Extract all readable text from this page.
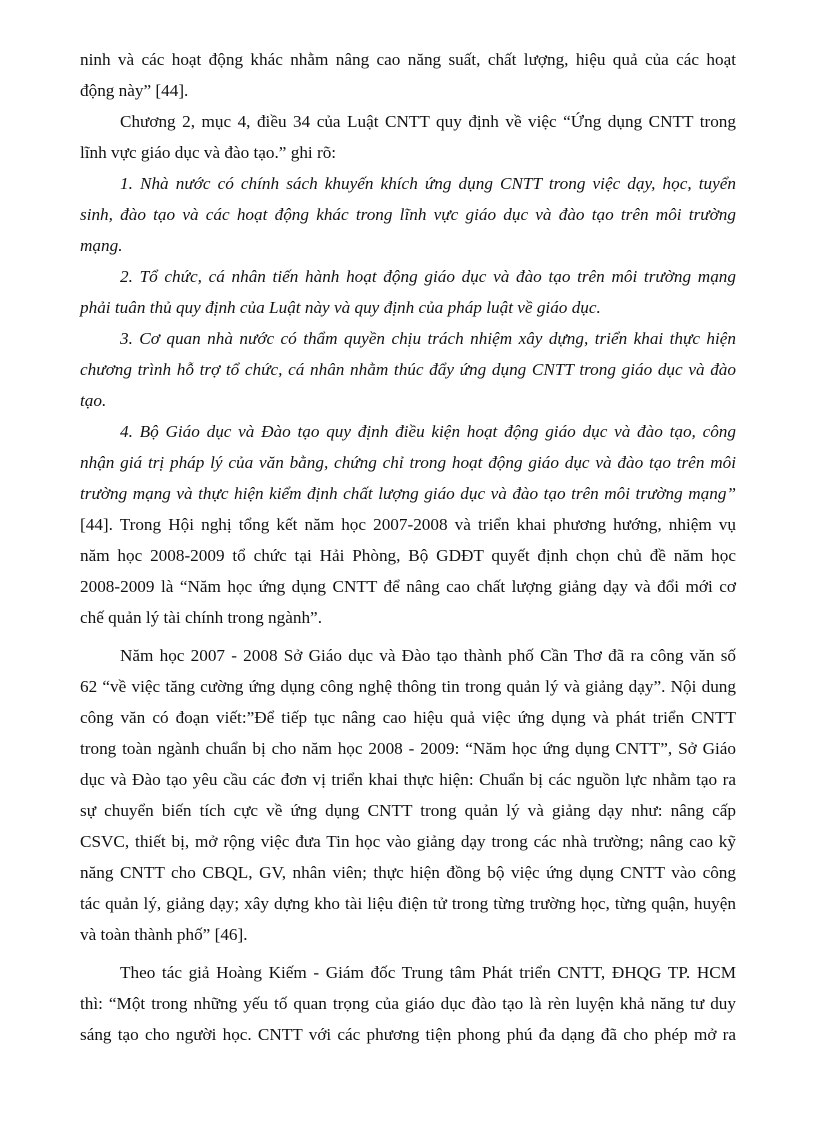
ninh và các hoạt động khác nhằm nâng cao năng suất, chất lượng, hiệu quả của các hoạt
động này” [44].
Chương 2, mục 4, điều 34 của Luật CNTT quy định về việc “Ứng dụng CNTT trong
lĩnh vực giáo dục và đào tạo.” ghi rõ:
1. Nhà nước có chính sách khuyến khích ứng dụng CNTT trong việc dạy, học, tuyển
sinh, đào tạo và các hoạt động khác trong lĩnh vực giáo dục và đào tạo trên môi trường
mạng.
2. Tổ chức, cá nhân tiến hành hoạt động giáo dục và đào tạo trên môi trường mạng
phải tuân thủ quy định của Luật này và quy định của pháp luật về giáo dục.
3. Cơ quan nhà nước có thẩm quyền chịu trách nhiệm xây dựng, triển khai thực hiện
chương trình hỗ trợ tổ chức, cá nhân nhằm thúc đẩy ứng dụng CNTT trong giáo dục và đào
tạo.
4. Bộ Giáo dục và Đào tạo quy định điều kiện hoạt động giáo dục và đào tạo, công
nhận giá trị pháp lý của văn bằng, chứng chỉ trong hoạt động giáo dục và đào tạo trên môi
trường mạng và thực hiện kiểm định chất lượng giáo dục và đào tạo trên môi trường mạng”
[44]. Trong Hội nghị tổng kết năm học 2007-2008 và triển khai phương hướng, nhiệm vụ
năm học 2008-2009 tổ chức tại Hải Phòng, Bộ GDĐT quyết định chọn chủ đề năm học
2008-2009 là “Năm học ứng dụng CNTT để nâng cao chất lượng giảng dạy và đổi mới cơ
chế quản lý tài chính trong ngành”.
Năm học 2007 - 2008 Sở Giáo dục và Đào tạo thành phố Cần Thơ đã ra công văn số
62 “về việc tăng cường ứng dụng công nghệ thông tin trong quản lý và giảng dạy”. Nội dung
công văn có đoạn viết:”Để tiếp tục nâng cao hiệu quả việc ứng dụng và phát triển CNTT
trong toàn ngành chuẩn bị cho năm học 2008 - 2009: “Năm học ứng dụng CNTT”, Sở Giáo
dục và Đào tạo yêu cầu các đơn vị triển khai thực hiện: Chuẩn bị các nguồn lực nhằm tạo ra
sự chuyển biến tích cực về ứng dụng CNTT trong quản lý và giảng dạy như: nâng cấp
CSVC, thiết bị, mở rộng việc đưa Tin học vào giảng dạy trong các nhà trường; nâng cao kỹ
năng CNTT cho CBQL, GV, nhân viên; thực hiện đồng bộ việc ứng dụng CNTT vào công
tác quản lý, giảng dạy; xây dựng kho tài liệu điện tử trong từng trường học, từng quận, huyện
và toàn thành phố” [46].
Theo tác giả Hoàng Kiếm - Giám đốc Trung tâm Phát triển CNTT, ĐHQG TP. HCM
thì: “Một trong những yếu tố quan trọng của giáo dục đào tạo là rèn luyện khả năng tư duy
sáng tạo cho người học. CNTT với các phương tiện phong phú đa dạng đã cho phép mở ra
